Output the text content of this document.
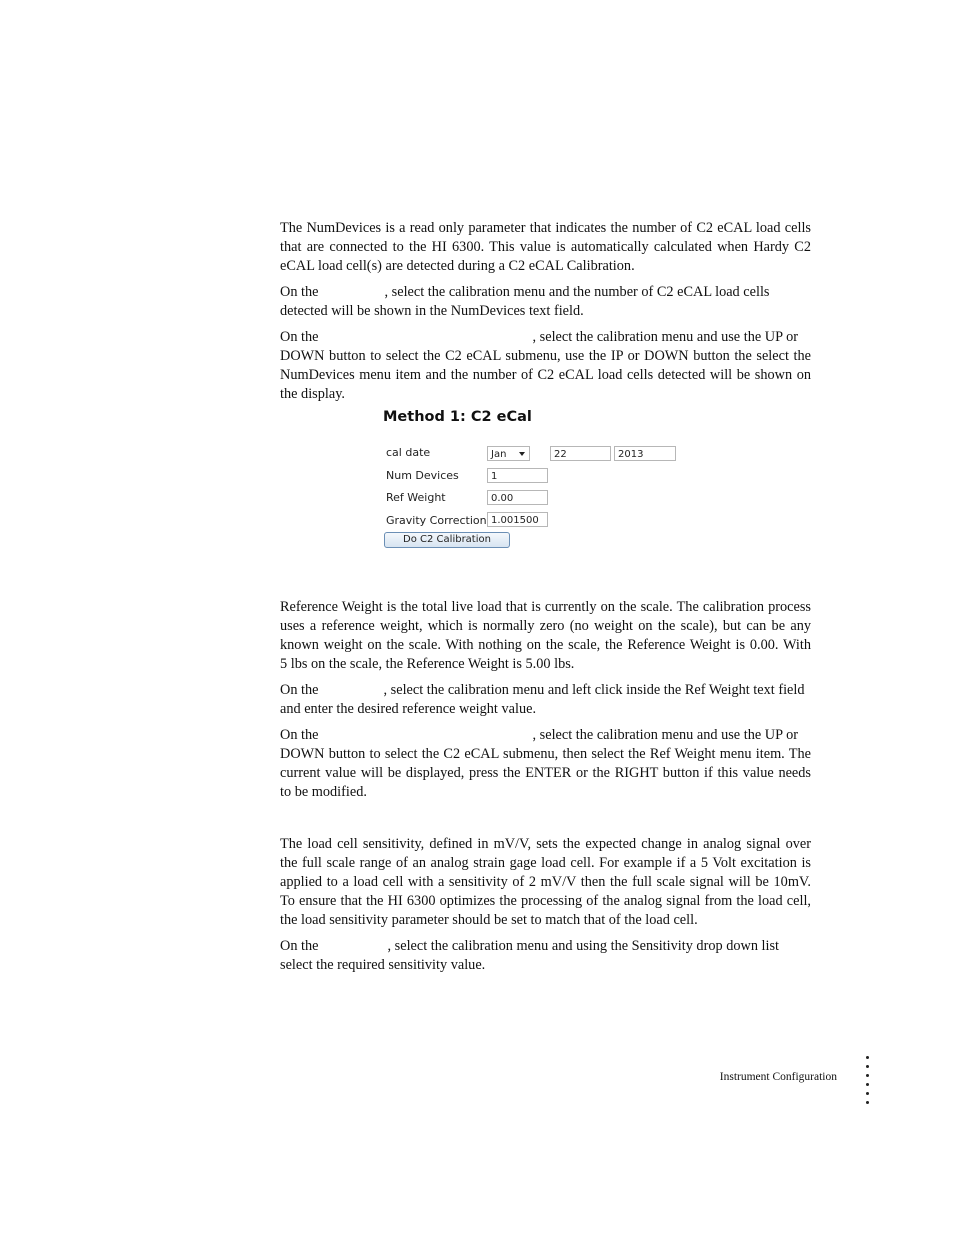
The NumDevices is a read only parameter that indicates the number of C2 eCAL load cells
that are connected to the HI 6300. This value is automatically calculated when Hardy C2
eCAL load cell(s) are detected during a C2 eCAL Calibration.
On the	, select the calibration menu and the number of C2 eCAL load cells
detected will be shown in the NumDevices text field.
On the	, select the calibration menu and use the UP or
DOWN button to select the C2 eCAL submenu, use the IP or DOWN button the select the
NumDevices menu item and the number of C2 eCAL load cells detected will be shown on
the display.
Method 1: C2 eCal
cal date	Jan	22	2013
Num Devices	1
Ref Weight	0.00
Gravity Correction 1.001500
Do C2 Calibration
Reference Weight is the total live load that is currently on the scale. The calibration process
uses a reference weight, which is normally zero (no weight on the scale), but can be any
known weight on the scale. With nothing on the scale, the Reference Weight is 0.00. With
5 lbs on the scale, the Reference Weight is 5.00 lbs.
On the	, select the calibration menu and left click inside the Ref Weight text field
and enter the desired reference weight value.
On the	, select the calibration menu and use the UP or
DOWN button to select the C2 eCAL submenu, then select the Ref Weight menu item. The
current value will be displayed, press the ENTER or the RIGHT button if this value needs
to be modified.
The load cell sensitivity, defined in mV/V, sets the expected change in analog signal over
the full scale range of an analog strain gage load cell. For example if a 5 Volt excitation is
applied to a load cell with a sensitivity of 2 mV/V then the full scale signal will be 10mV.
To ensure that the HI 6300 optimizes the processing of the analog signal from the load cell,
the load sensitivity parameter should be set to match that of the load cell.
On the	, select the calibration menu and using the Sensitivity drop down list
select the required sensitivity value.
Instrument Configuration
